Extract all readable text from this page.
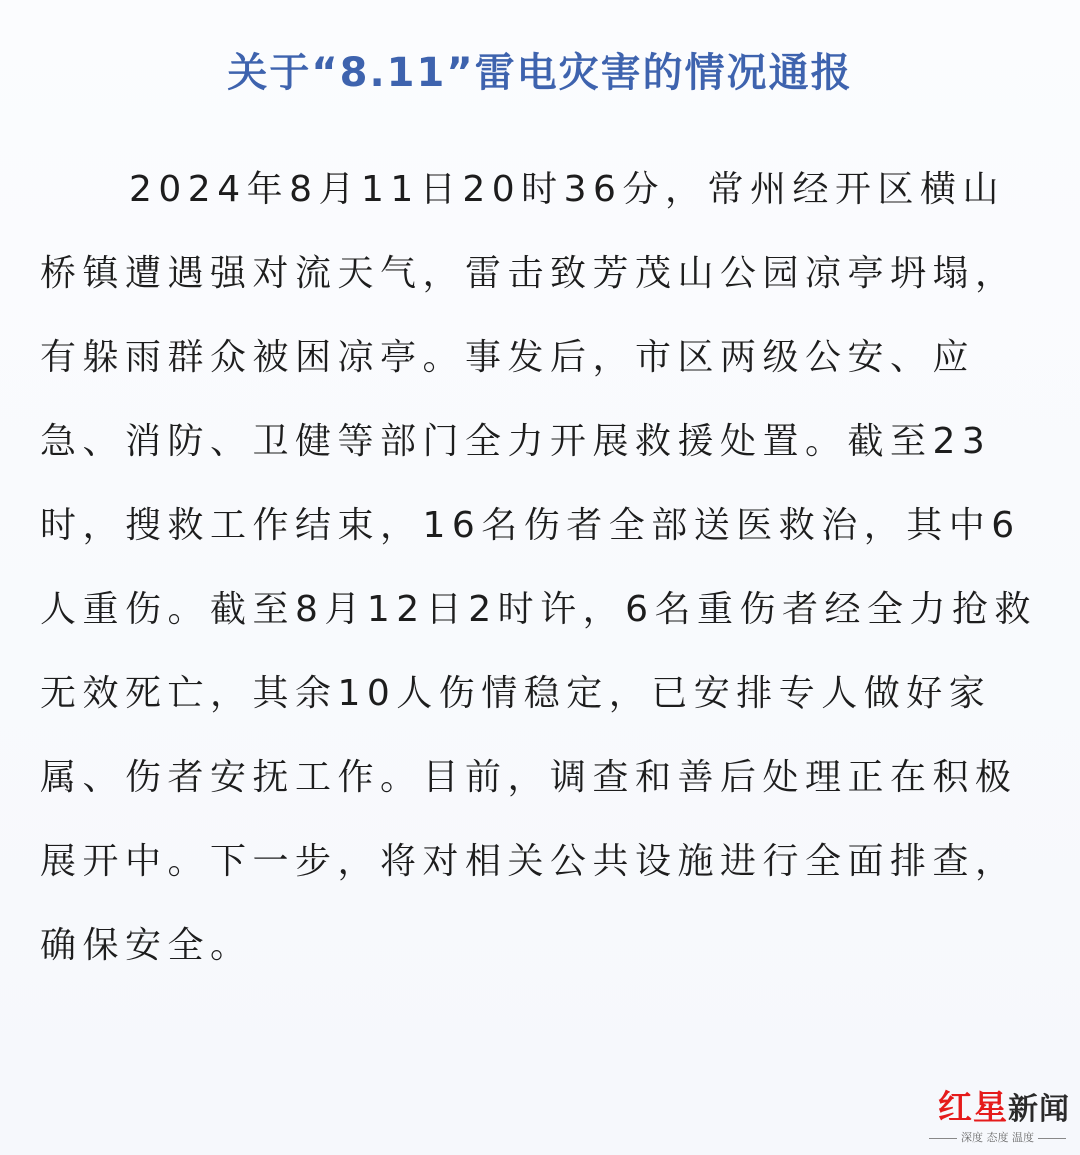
关于“8.11”雷电灾害的情况通报

2024年8月11日20时36分，常州经开区横山桥镇遭遇强对流天气，雷击致芳茂山公园凉亭坍塌，有躲雨群众被困凉亭。事发后，市区两级公安、应急、消防、卫健等部门全力开展救援处置。截至23时，搜救工作结束，16名伤者全部送医救治，其中6人重伤。截至8月12日2时许，6名重伤者经全力抢救无效死亡，其余10人伤情稳定，已安排专人做好家属、伤者安抚工作。目前，调查和善后处理正在积极展开中。下一步，将对相关公共设施进行全面排查，确保安全。

红星新闻
深度 态度 温度
